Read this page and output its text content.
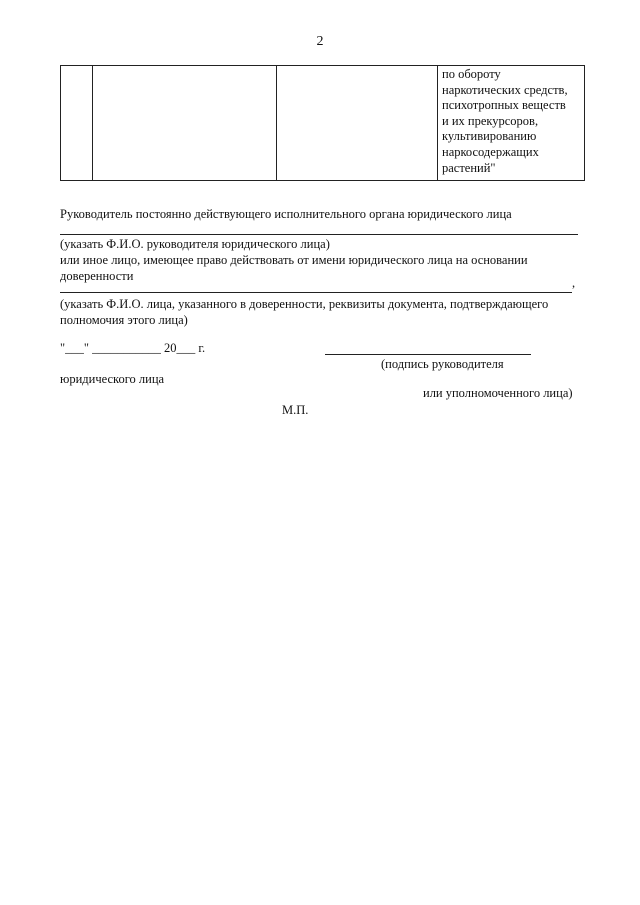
2

по обороту
наркотических средств,
психотропных веществ
и их прекурсоров,
культивированию
наркосодержащих
растений"
Руководитель постоянно действующего исполнительного органа юридического лица
(указать Ф.И.О. руководителя юридического лица)
или иное лицо, имеющее право действовать от имени юридического лица на основании
доверенности	,
(указать Ф.И.О. лица, указанного в доверенности, реквизиты документа, подтверждающего
полномочия этого лица)
"___" ___________ 20___ г.
(подпись руководителя
юридического лица
или уполномоченного лица)
М.П.
